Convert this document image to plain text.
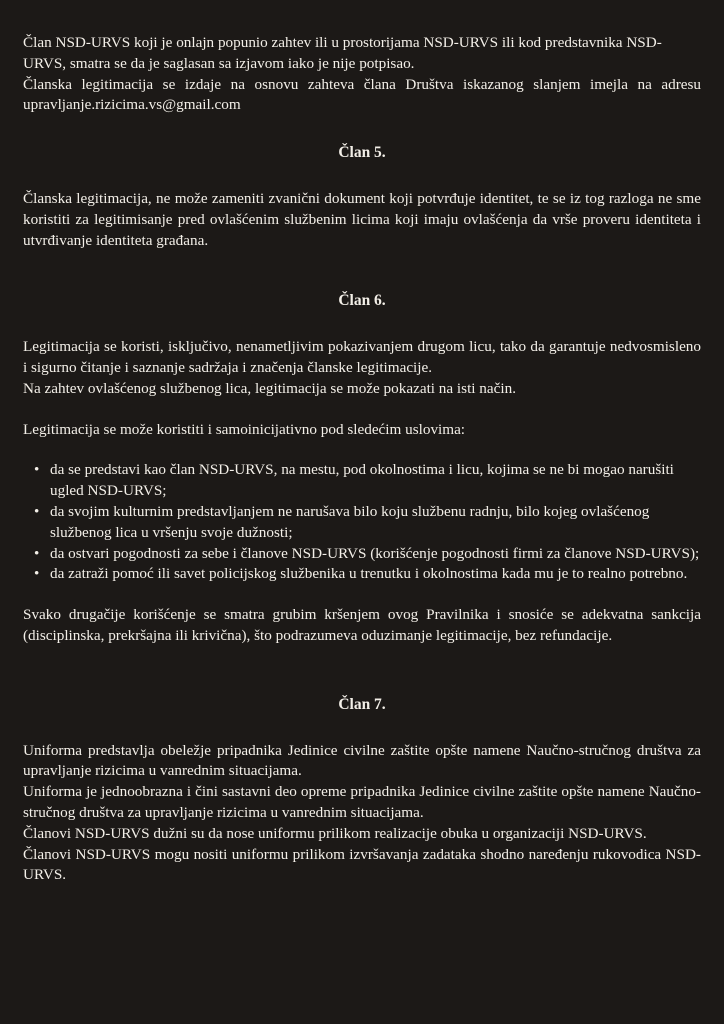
Član NSD-URVS koji je onlajn popunio zahtev ili u prostorijama NSD-URVS ili kod predstavnika NSD-URVS, smatra se da je saglasan sa izjavom iako je nije potpisao.

Članska legitimacija se izdaje na osnovu zahteva člana Društva iskazanog slanjem imejla na adresu upravljanje.rizicima.vs@gmail.com

Član 5.

Članska legitimacija, ne može zameniti zvanični dokument koji potvrđuje identitet, te se iz tog razloga ne sme koristiti za legitimisanje pred ovlašćenim službenim licima koji imaju ovlašćenja da vrše proveru identiteta i utvrđivanje identiteta građana.

Član 6.

Legitimacija se koristi, isključivo, nenametljivim pokazivanjem drugom licu, tako da garantuje nedvosmisleno i sigurno čitanje i saznanje sadržaja i značenja članske legitimacije.

Na zahtev ovlašćenog službenog lica, legitimacija se može pokazati na isti način.

Legitimacija se može koristiti i samoinicijativno pod sledećim uslovima:

• da se predstavi kao član NSD-URVS, na mestu, pod okolnostima i licu, kojima se ne bi mogao narušiti ugled NSD-URVS;
• da svojim kulturnim predstavljanjem ne narušava bilo koju službenu radnju, bilo kojeg ovlašćenog službenog lica u vršenju svoje dužnosti;
• da ostvari pogodnosti za sebe i članove NSD-URVS (korišćenje pogodnosti firmi za članove NSD-URVS);
• da zatraži pomoć ili savet policijskog službenika u trenutku i okolnostima kada mu je to realno potrebno.

Svako drugačije korišćenje se smatra grubim kršenjem ovog Pravilnika i snosiće se adekvatna sankcija (disciplinska, prekršajna ili krivična), što podrazumeva oduzimanje legitimacije, bez refundacije.

Član 7.

Uniforma predstavlja obeležje pripadnika Jedinice civilne zaštite opšte namene Naučno-stručnog društva za upravljanje rizicima u vanrednim situacijama.

Uniforma je jednoobrazna i čini sastavni deo opreme pripadnika Jedinice civilne zaštite opšte namene Naučno-stručnog društva za upravljanje rizicima u vanrednim situacijama.

Članovi NSD-URVS dužni su da nose uniformu prilikom realizacije obuka u organizaciji NSD-URVS.

Članovi NSD-URVS mogu nositi uniformu prilikom izvršavanja zadataka shodno naređenju rukovodica NSD-URVS.
